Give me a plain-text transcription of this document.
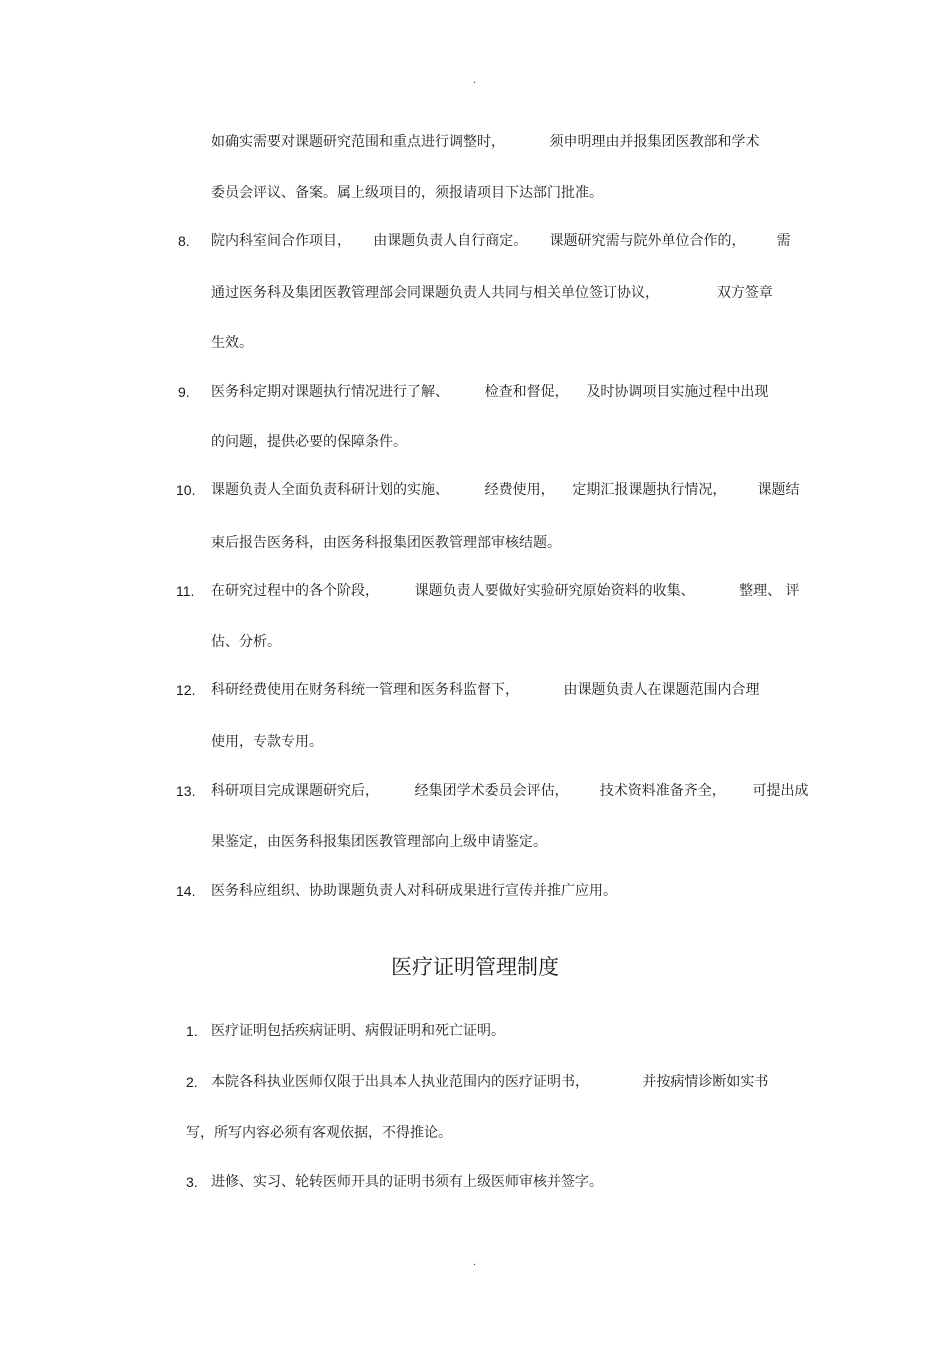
.
如确实需要对课题研究范围和重点进行调整时，          须申明理由并报集团医教部和学术
委员会评议、备案。属上级项目的，须报请项目下达部门批准。
8. 院内科室间合作项目，     由课题负责人自行商定。     课题研究需与院外单位合作的，       需
通过医务科及集团医教管理部会同课题负责人共同与相关单位签订协议，             双方签章
生效。
9. 医务科定期对课题执行情况进行了解、        检查和督促，    及时协调项目实施过程中出现
的问题，提供必要的保障条件。
10. 课题负责人全面负责科研计划的实施、        经费使用，    定期汇报课题执行情况，       课题结
束后报告医务科，由医务科报集团医教管理部审核结题。
11. 在研究过程中的各个阶段，        课题负责人要做好实验研究原始资料的收集、          整理、 评
估、分析。
12. 科研经费使用在财务科统一管理和医务科监督下，          由课题负责人在课题范围内合理
使用，专款专用。
13. 科研项目完成课题研究后，        经集团学术委员会评估，       技术资料准备齐全，      可提出成
果鉴定，由医务科报集团医教管理部向上级申请鉴定。
14. 医务科应组织、协助课题负责人对科研成果进行宣传并推广应用。
医疗证明管理制度
1. 医疗证明包括疾病证明、病假证明和死亡证明。
2. 本院各科执业医师仅限于出具本人执业范围内的医疗证明书，            并按病情诊断如实书
写，所写内容必须有客观依据，不得推论。
3. 进修、实习、轮转医师开具的证明书须有上级医师审核并签字。
.
